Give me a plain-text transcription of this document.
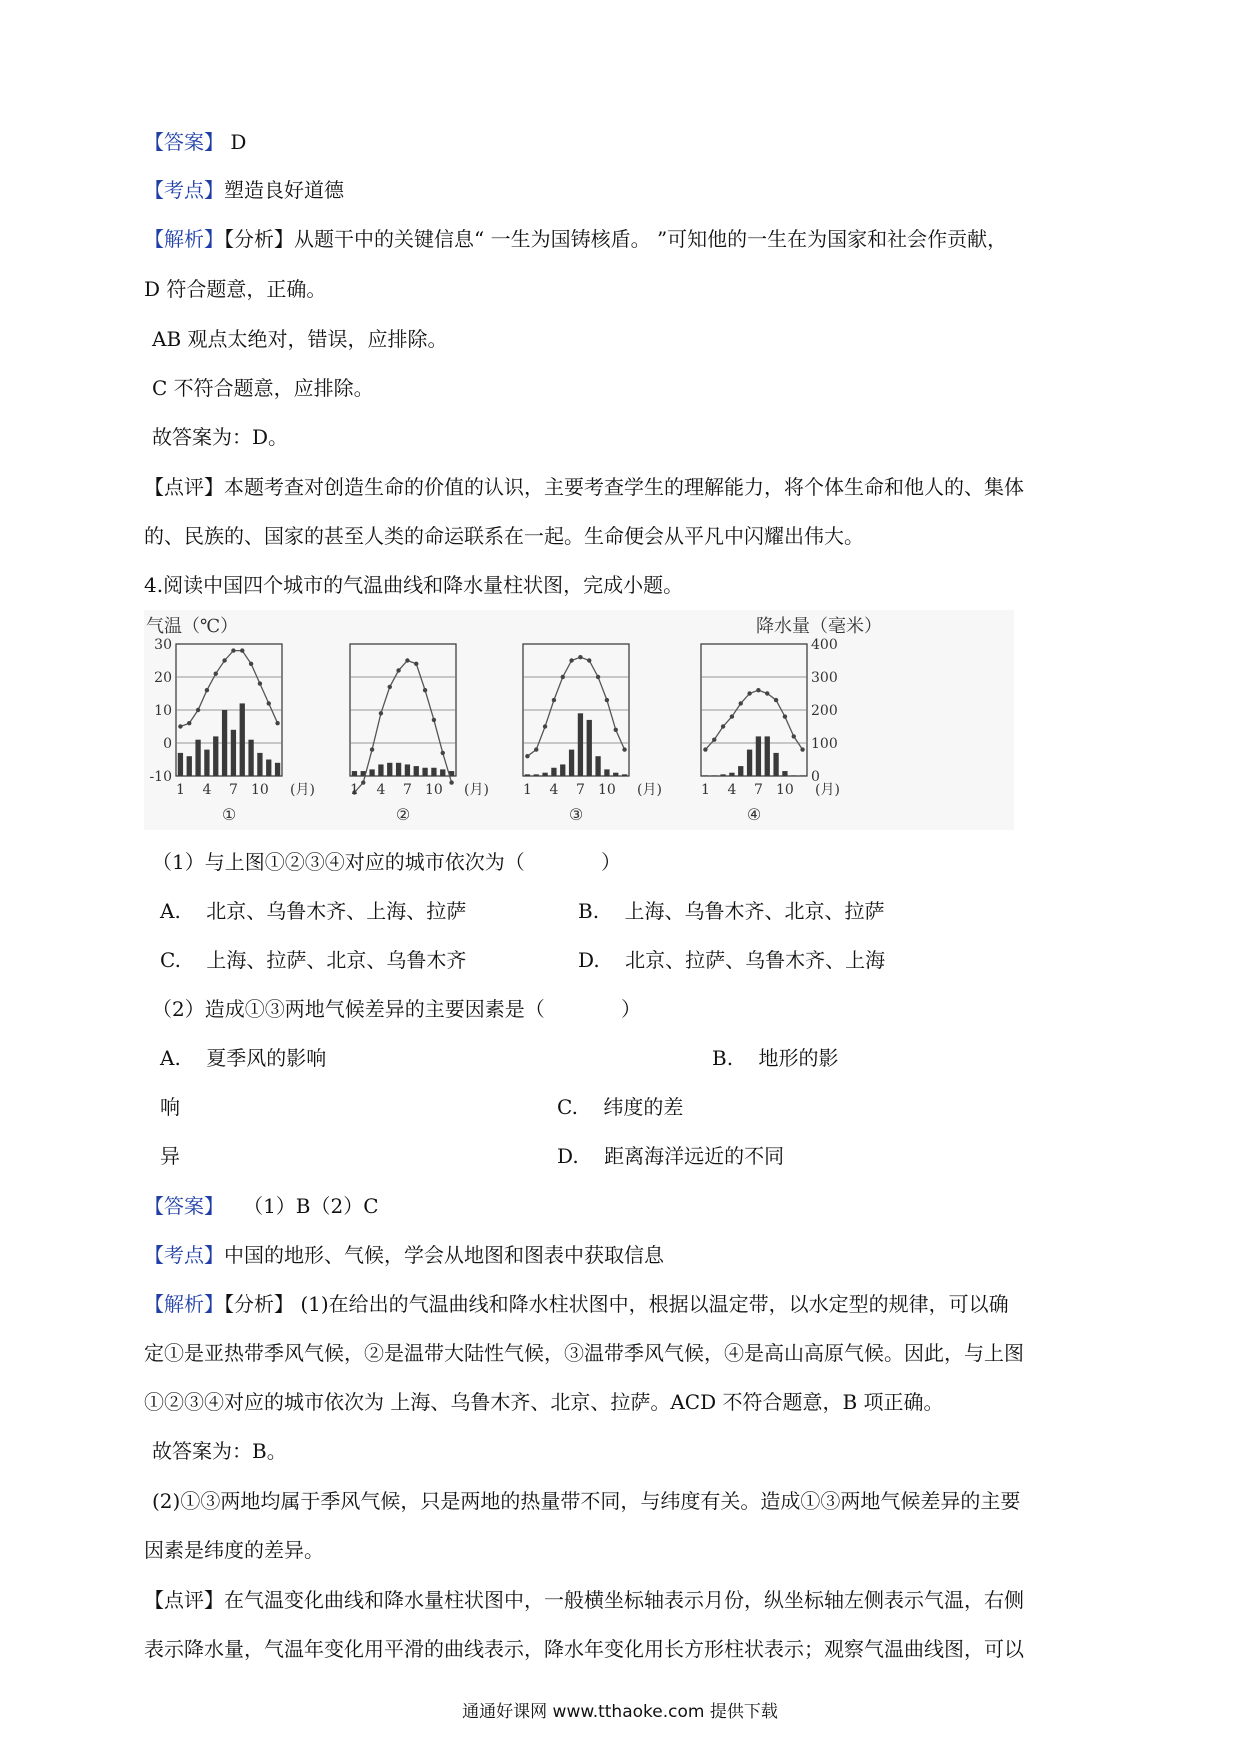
【答案】 D
【考点】塑造良好道德
【解析】【分析】从题干中的关键信息“ 一生为国铸核盾。 ”可知他的一生在为国家和社会作贡献，
D 符合题意，正确。
AB 观点太绝对，错误，应排除。
C 不符合题意，应排除。
故答案为：D。
【点评】本题考查对创造生命的价值的认识，主要考查学生的理解能力，将个体生命和他人的、集体
的、民族的、国家的甚至人类的命运联系在一起。生命便会从平凡中闪耀出伟大。
4.阅读中国四个城市的气温曲线和降水量柱状图，完成小题。
气温（℃）	降水量（毫米）
30
20
10
0
-10
400
300
200
100
0
1 4 7 10 (月)
①
1 4 7 10 (月)
②
1 4 7 10 (月)
③
1 4 7 10 (月)
④
（1）与上图①②③④对应的城市依次为（            ）
A.    北京、乌鲁木齐、上海、拉萨	B.    上海、乌鲁木齐、北京、拉萨
C.    上海、拉萨、北京、乌鲁木齐	D.    北京、拉萨、乌鲁木齐、上海
（2）造成①③两地气候差异的主要因素是（            ）
A.    夏季风的影响	B.    地形的影
响	C.    纬度的差
异	D.    距离海洋远近的不同
【答案】   （1）B（2）C
【考点】中国的地形、气候，学会从地图和图表中获取信息
【解析】【分析】 (1)在给出的气温曲线和降水柱状图中，根据以温定带，以水定型的规律，可以确
定①是亚热带季风气候，②是温带大陆性气候，③温带季风气候，④是高山高原气候。因此，与上图
①②③④对应的城市依次为 上海、乌鲁木齐、北京、拉萨。ACD 不符合题意，B 项正确。
故答案为：B。
(2)①③两地均属于季风气候，只是两地的热量带不同，与纬度有关。造成①③两地气候差异的主要
因素是纬度的差异。
【点评】在气温变化曲线和降水量柱状图中，一般横坐标轴表示月份，纵坐标轴左侧表示气温，右侧
表示降水量，气温年变化用平滑的曲线表示，降水年变化用长方形柱状表示；观察气温曲线图，可以
通通好课网 www.tthaoke.com 提供下载
